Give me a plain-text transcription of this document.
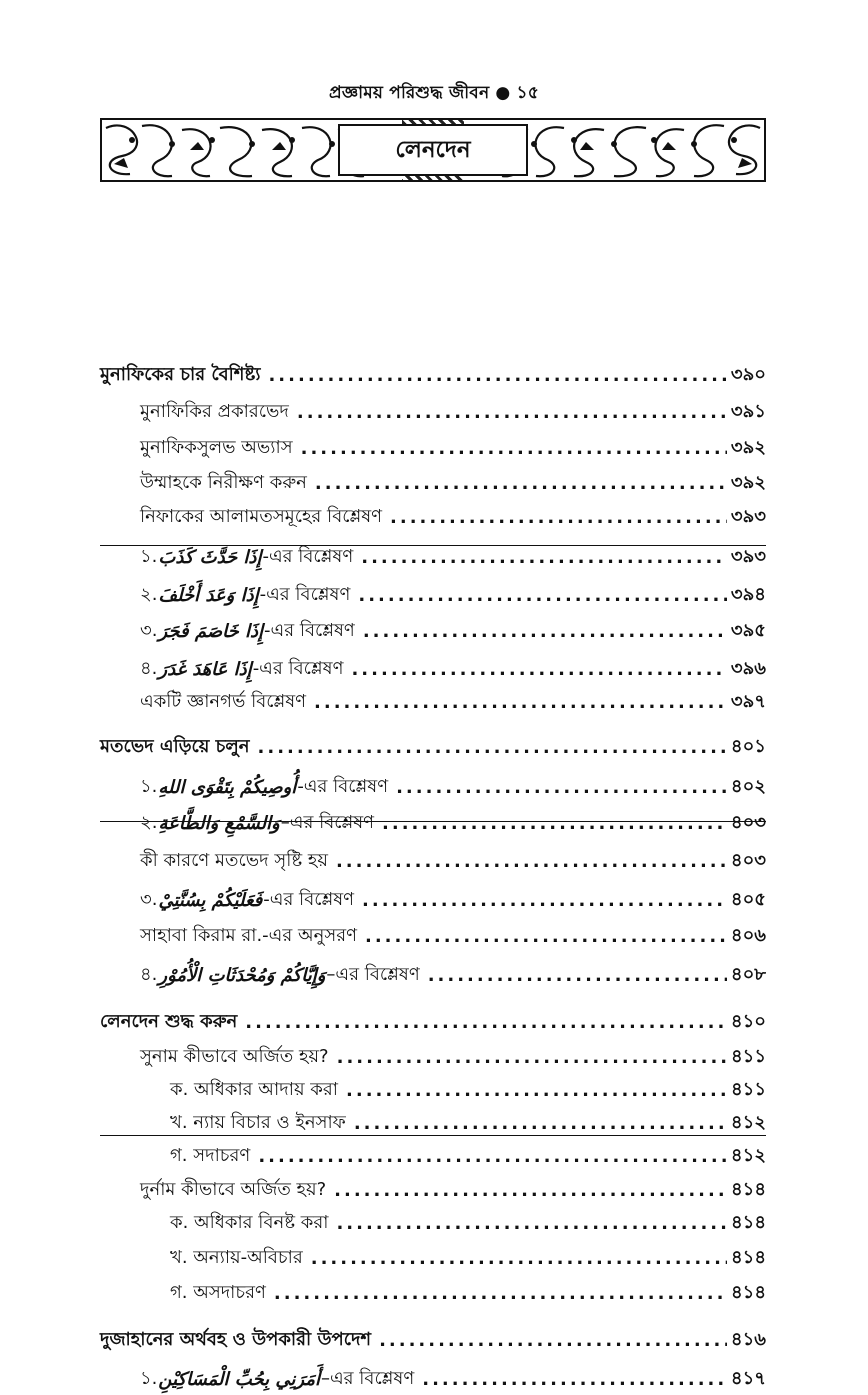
প্রজ্ঞাময় পরিশুদ্ধ জীবন ● ১৫
লেনদেন
মুনাফিকের চার বৈশিষ্ট্য .....	৩৯০
মুনাফিকির প্রকারভেদ .....	৩৯১
মুনাফিকসুলভ অভ্যাস .....	৩৯২
উম্মাহকে নিরীক্ষণ করুন .....	৩৯২
নিফাকের আলামতসমূহের বিশ্লেষণ .....	৩৯৩
১. إِذَا حَدَّثَ كَذَبَ -এর বিশ্লেষণ .....	৩৯৩
২. إِذَا وَعَدَ أَخْلَفَ -এর বিশ্লেষণ .....	৩৯৪
৩. إِذَا خَاصَمَ فَجَرَ -এর বিশ্লেষণ .....	৩৯৫
৪. إِذَا عَاهَدَ غَدَرَ -এর বিশ্লেষণ .....	৩৯৬
একটি জ্ঞানগর্ভ বিশ্লেষণ .....	৩৯৭
মতভেদ এড়িয়ে চলুন .....	৪০১
১. أُوصِيكُمْ بِتَقْوَى اللهِ -এর বিশ্লেষণ .....	৪০২
২. وَالسَّمْعِ وَالطَّاعَةِ –এর বিশ্লেষণ .....	৪০৩
কী কারণে মতভেদ সৃষ্টি হয় .....	৪০৩
৩. فَعَلَيْكُمْ بِسُنَّتِيْ -এর বিশ্লেষণ .....	৪০৫
সাহাবা কিরাম রা.-এর অনুসরণ .....	৪০৬
৪. وَإِيَّاكُمْ وَمُحْدَثَاتِ الْأُمُوْرِ –এর বিশ্লেষণ .....	৪০৮
লেনদেন শুদ্ধ করুন .....	৪১০
সুনাম কীভাবে অর্জিত হয়? .....	৪১১
ক. অধিকার আদায় করা .....	৪১১
খ. ন্যায় বিচার ও ইনসাফ .....	৪১২
গ. সদাচরণ .....	৪১২
দুর্নাম কীভাবে অর্জিত হয়? .....	৪১৪
ক. অধিকার বিনষ্ট করা .....	৪১৪
খ. অন্যায়-অবিচার .....	৪১৪
গ. অসদাচরণ .....	৪১৪
দুজাহানের অর্থবহ ও উপকারী উপদেশ .....	৪১৬
১. أَمَرَنِي بِحُبِّ الْمَسَاكِيْنِ –এর বিশ্লেষণ .....	৪১৭
